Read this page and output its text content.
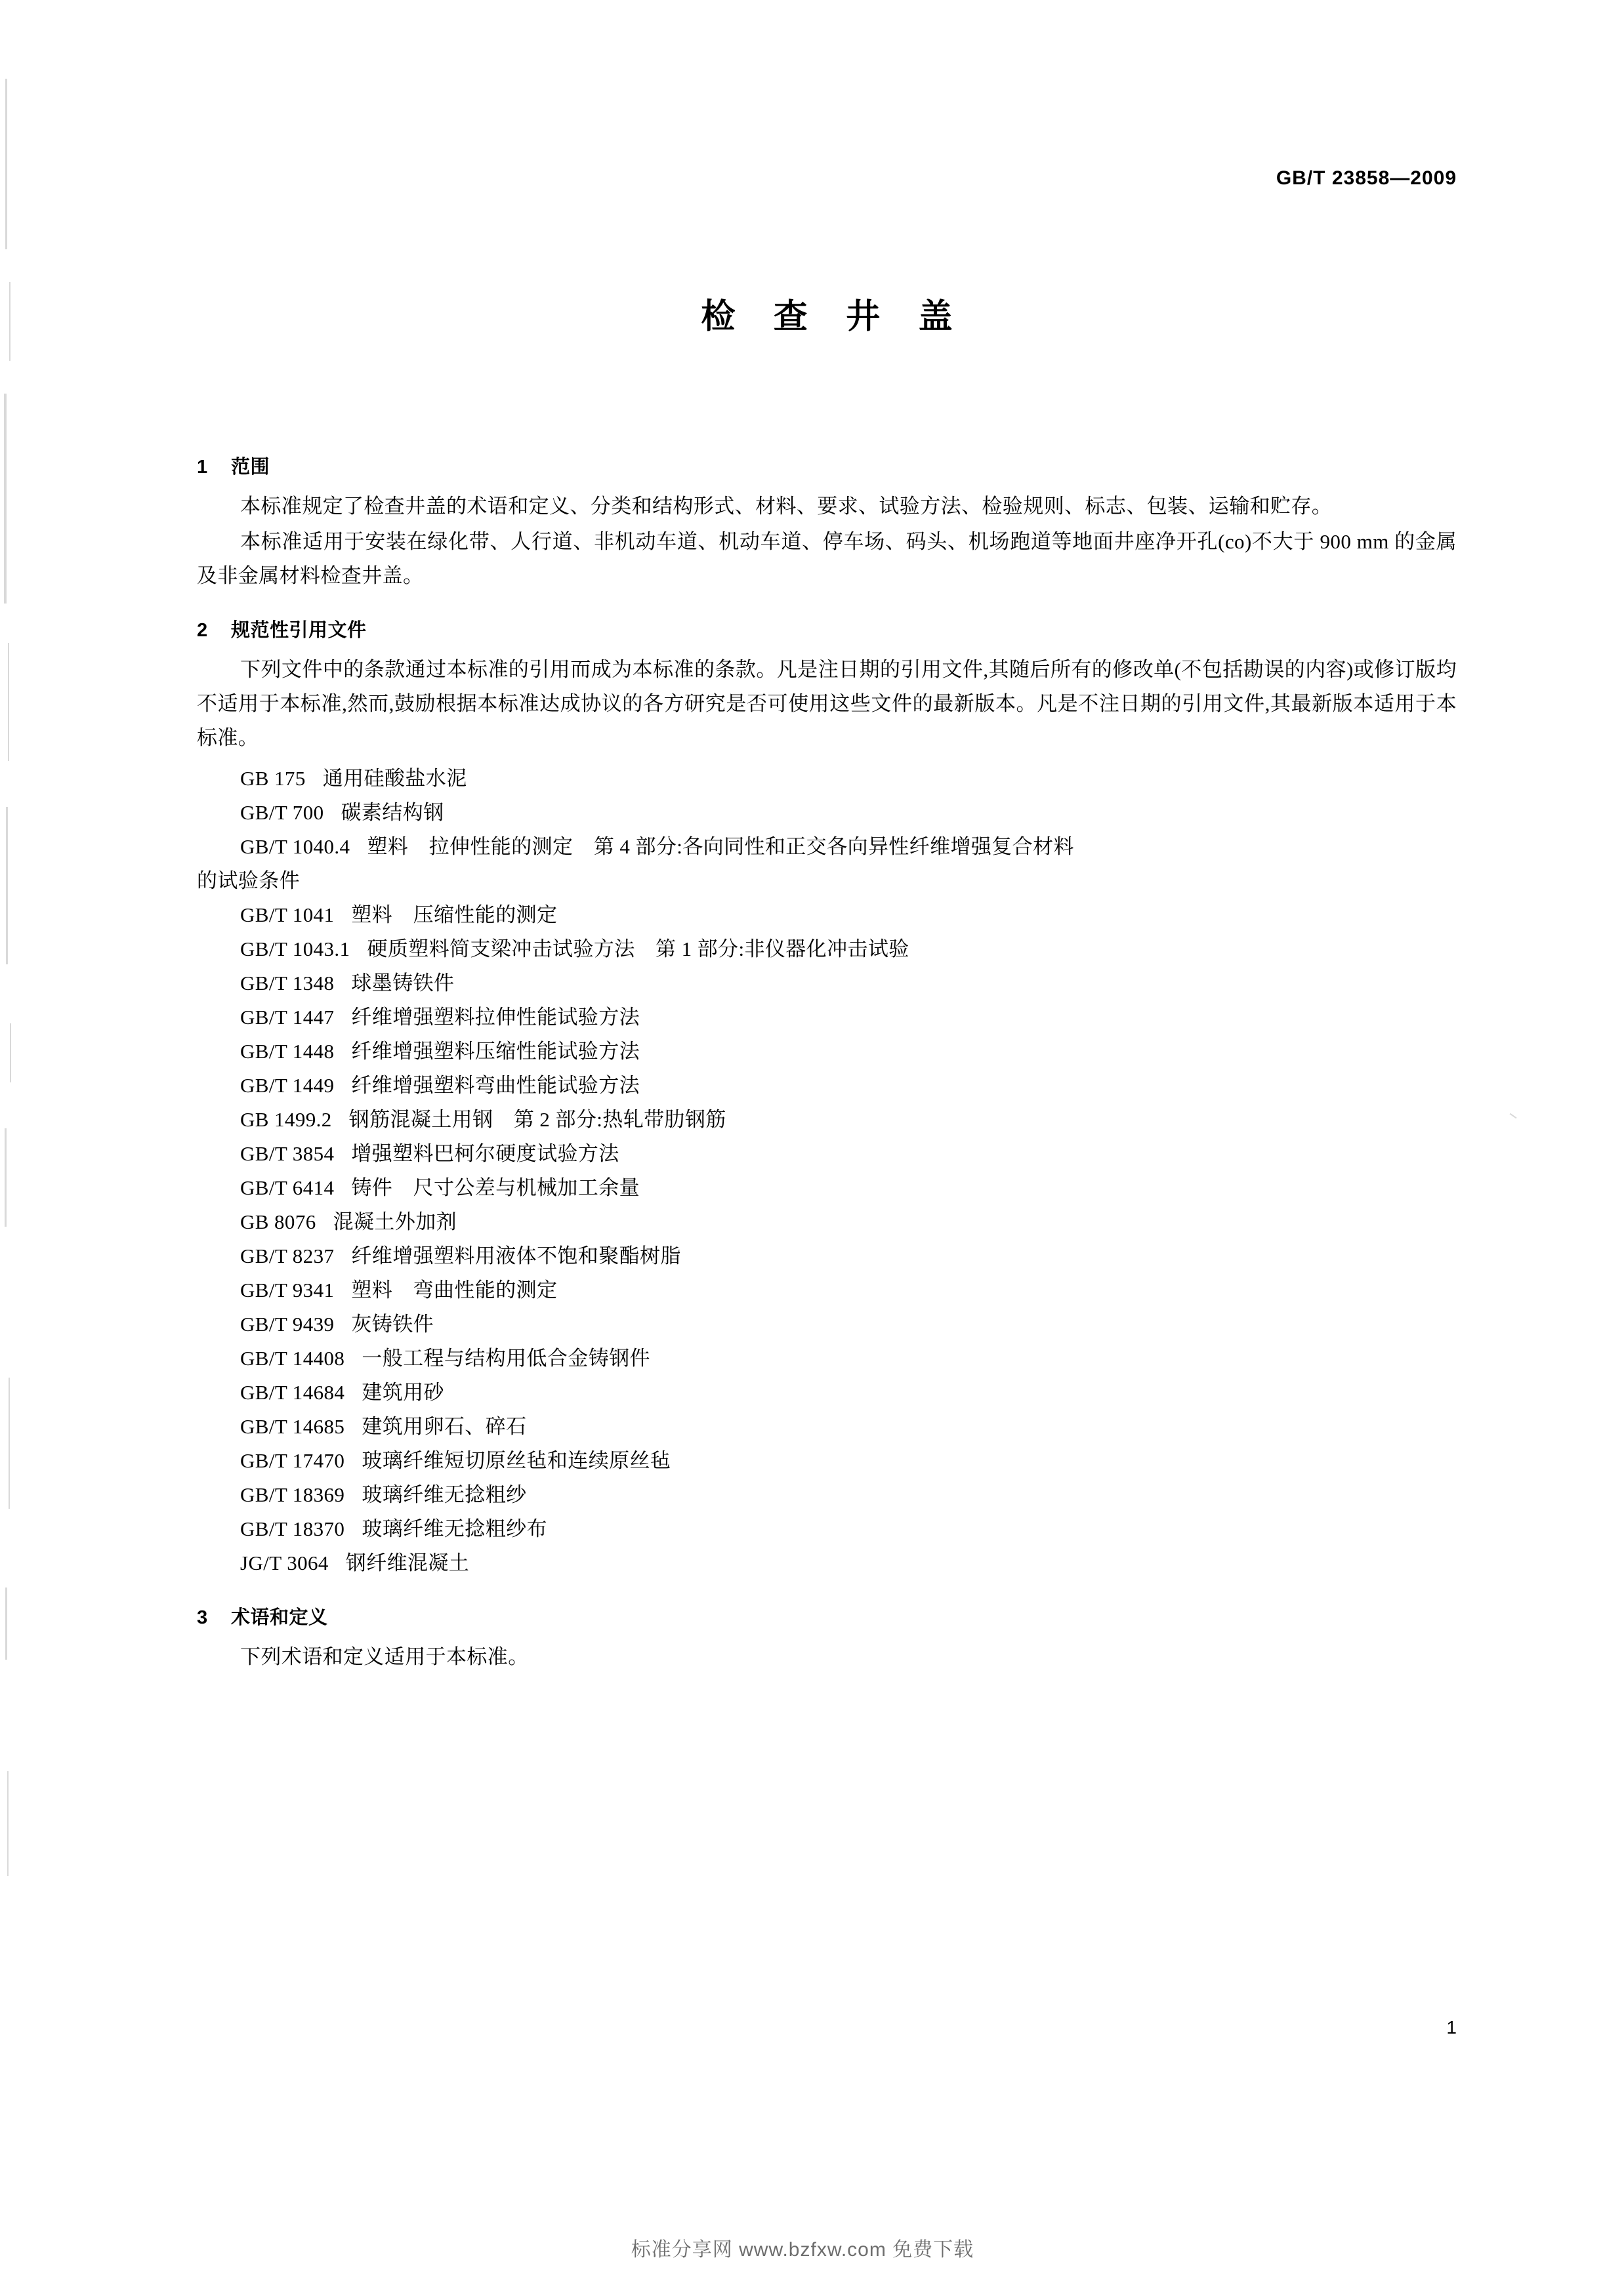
GB/T 23858—2009
检 查 井 盖
1 范围

本标准规定了检查井盖的术语和定义、分类和结构形式、材料、要求、试验方法、检验规则、标志、包装、运输和贮存。

本标准适用于安装在绿化带、人行道、非机动车道、机动车道、停车场、码头、机场跑道等地面井座净开孔(co)不大于 900 mm 的金属及非金属材料检查井盖。

2 规范性引用文件

下列文件中的条款通过本标准的引用而成为本标准的条款。凡是注日期的引用文件,其随后所有的修改单(不包括勘误的内容)或修订版均不适用于本标准,然而,鼓励根据本标准达成协议的各方研究是否可使用这些文件的最新版本。凡是不注日期的引用文件,其最新版本适用于本标准。

GB 175 通用硅酸盐水泥
GB/T 700 碳素结构钢
GB/T 1040.4 塑料　拉伸性能的测定　第 4 部分:各向同性和正交各向异性纤维增强复合材料
的试验条件
GB/T 1041 塑料　压缩性能的测定
GB/T 1043.1 硬质塑料简支梁冲击试验方法　第 1 部分:非仪器化冲击试验
GB/T 1348 球墨铸铁件
GB/T 1447 纤维增强塑料拉伸性能试验方法
GB/T 1448 纤维增强塑料压缩性能试验方法
GB/T 1449 纤维增强塑料弯曲性能试验方法
GB 1499.2 钢筋混凝土用钢　第 2 部分:热轧带肋钢筋
GB/T 3854 增强塑料巴柯尔硬度试验方法
GB/T 6414 铸件　尺寸公差与机械加工余量
GB 8076 混凝土外加剂
GB/T 8237 纤维增强塑料用液体不饱和聚酯树脂
GB/T 9341 塑料　弯曲性能的测定
GB/T 9439 灰铸铁件
GB/T 14408 一般工程与结构用低合金铸钢件
GB/T 14684 建筑用砂
GB/T 14685 建筑用卵石、碎石
GB/T 17470 玻璃纤维短切原丝毡和连续原丝毡
GB/T 18369 玻璃纤维无捻粗纱
GB/T 18370 玻璃纤维无捻粗纱布
JG/T 3064 钢纤维混凝土
3 术语和定义

下列术语和定义适用于本标准。

1
标准分享网 www.bzfxw.com 免费下载
